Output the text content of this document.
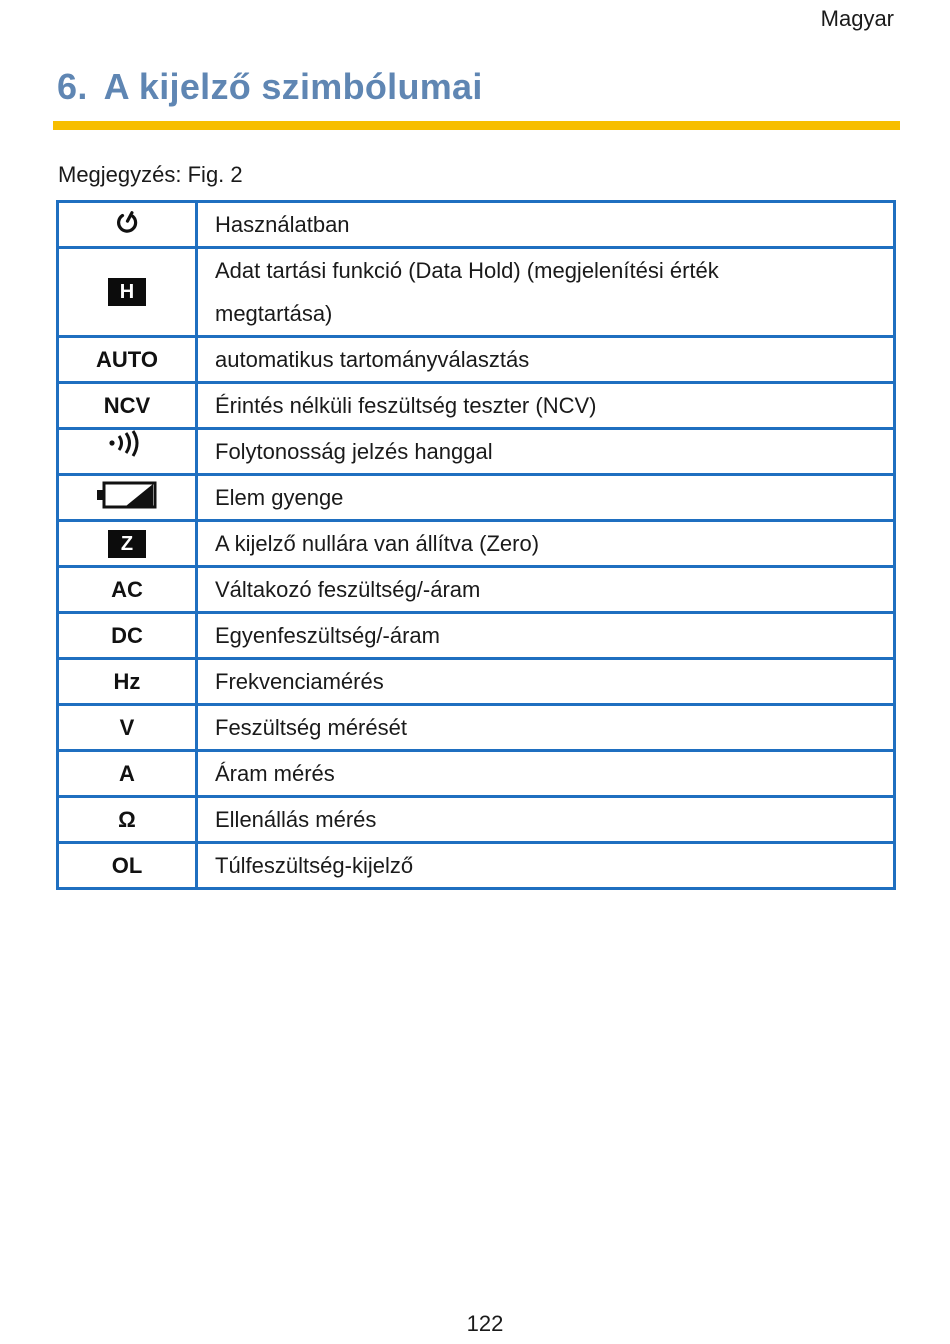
Magyar
6. A kijelző szimbólumai
Megjegyzés: Fig. 2
	Használatban
H	Adat tartási funkció (Data Hold) (megjelenítési érték megtartása)
AUTO	automatikus tartományválasztás
NCV	Érintés nélküli feszültség teszter (NCV)
	Folytonosság jelzés hanggal
	Elem gyenge
Z	A kijelző nullára van állítva (Zero)
AC	Váltakozó feszültség/-áram
DC	Egyenfeszültség/-áram
Hz	Frekvenciamérés
V	Feszültség mérését
A	Áram mérés
Ω	Ellenállás mérés
OL	Túlfeszültség-kijelző
122
